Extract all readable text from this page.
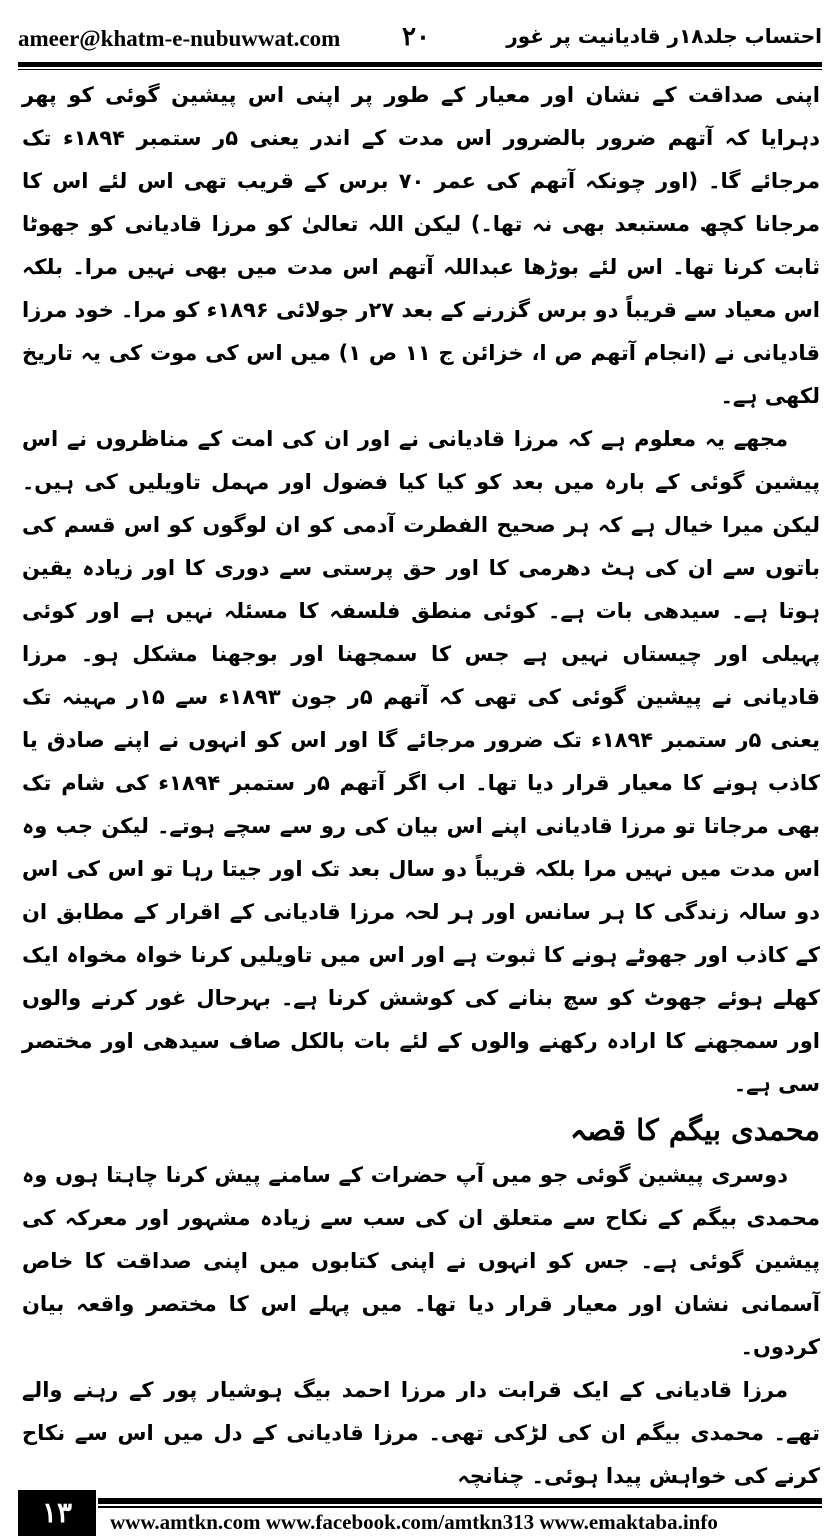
ameer@khatm-e-nubuwwat.com ۲۰	احتساب جلد۱۸ر قادیانیت پر غور

اپنی صداقت کے نشان اور معیار کے طور پر اپنی اس پیشین گوئی کو پھر دہرایا کہ آتھم ضرور بالضرور اس مدت کے اندر یعنی ۵ر ستمبر ۱۸۹۴ء تک مرجائے گا۔ (اور چونکہ آتھم کی عمر ۷۰ برس کے قریب تھی اس لئے اس کا مرجانا کچھ مستبعد بھی نہ تھا۔) لیکن اللہ تعالیٰ کو مرزا قادیانی کو جھوٹا ثابت کرنا تھا۔ اس لئے بوڑھا عبداللہ آتھم اس مدت میں بھی نہیں مرا۔ بلکہ اس معیاد سے قریباً دو برس گزرنے کے بعد ۲۷ر جولائی ۱۸۹۶ء کو مرا۔ خود مرزا قادیانی نے (انجام آتھم ص ا، خزائن ج ۱۱ ص ۱) میں اس کی موت کی یہ تاریخ لکھی ہے۔

مجھے یہ معلوم ہے کہ مرزا قادیانی نے اور ان کی امت کے مناظروں نے اس پیشین گوئی کے بارہ میں بعد کو کیا کیا فضول اور مہمل تاویلیں کی ہیں۔ لیکن میرا خیال ہے کہ ہر صحیح الفطرت آدمی کو ان لوگوں کو اس قسم کی باتوں سے ان کی ہٹ دھرمی کا اور حق پرستی سے دوری کا اور زیادہ یقین ہوتا ہے۔ سیدھی بات ہے۔ کوئی منطق فلسفہ کا مسئلہ نہیں ہے اور کوئی پہیلی اور چیستاں نہیں ہے جس کا سمجھنا اور بوجھنا مشکل ہو۔ مرزا قادیانی نے پیشین گوئی کی تھی کہ آتھم ۵ر جون ۱۸۹۳ء سے ۱۵ر مہینہ تک یعنی ۵ر ستمبر ۱۸۹۴ء تک ضرور مرجائے گا اور اس کو انہوں نے اپنے صادق یا کاذب ہونے کا معیار قرار دیا تھا۔ اب اگر آتھم ۵ر ستمبر ۱۸۹۴ء کی شام تک بھی مرجاتا تو مرزا قادیانی اپنے اس بیان کی رو سے سچے ہوتے۔ لیکن جب وہ اس مدت میں نہیں مرا بلکہ قریباً دو سال بعد تک اور جیتا رہا تو اس کی اس دو سالہ زندگی کا ہر سانس اور ہر لحہ مرزا قادیانی کے اقرار کے مطابق ان کے کاذب اور جھوٹے ہونے کا ثبوت ہے اور اس میں تاویلیں کرنا خواہ مخواہ ایک کھلے ہوئے جھوٹ کو سچ بنانے کی کوشش کرنا ہے۔ بہرحال غور کرنے والوں اور سمجھنے کا ارادہ رکھنے والوں کے لئے بات بالکل صاف سیدھی اور مختصر سی ہے۔

محمدی بیگم کا قصہ

دوسری پیشین گوئی جو میں آپ حضرات کے سامنے پیش کرنا چاہتا ہوں وہ محمدی بیگم کے نکاح سے متعلق ان کی سب سے زیادہ مشہور اور معرکہ کی پیشین گوئی ہے۔ جس کو انہوں نے اپنی کتابوں میں اپنی صداقت کا خاص آسمانی نشان اور معیار قرار دیا تھا۔ میں پہلے اس کا مختصر واقعہ بیان کردوں۔

مرزا قادیانی کے ایک قرابت دار مرزا احمد بیگ ہوشیار پور کے رہنے والے تھے۔ محمدی بیگم ان کی لڑکی تھی۔ مرزا قادیانی کے دل میں اس سے نکاح کرنے کی خواہش پیدا ہوئی۔ چنانچہ

۱۳	www.amtkn.com www.facebook.com/amtkn313 www.emaktaba.info
